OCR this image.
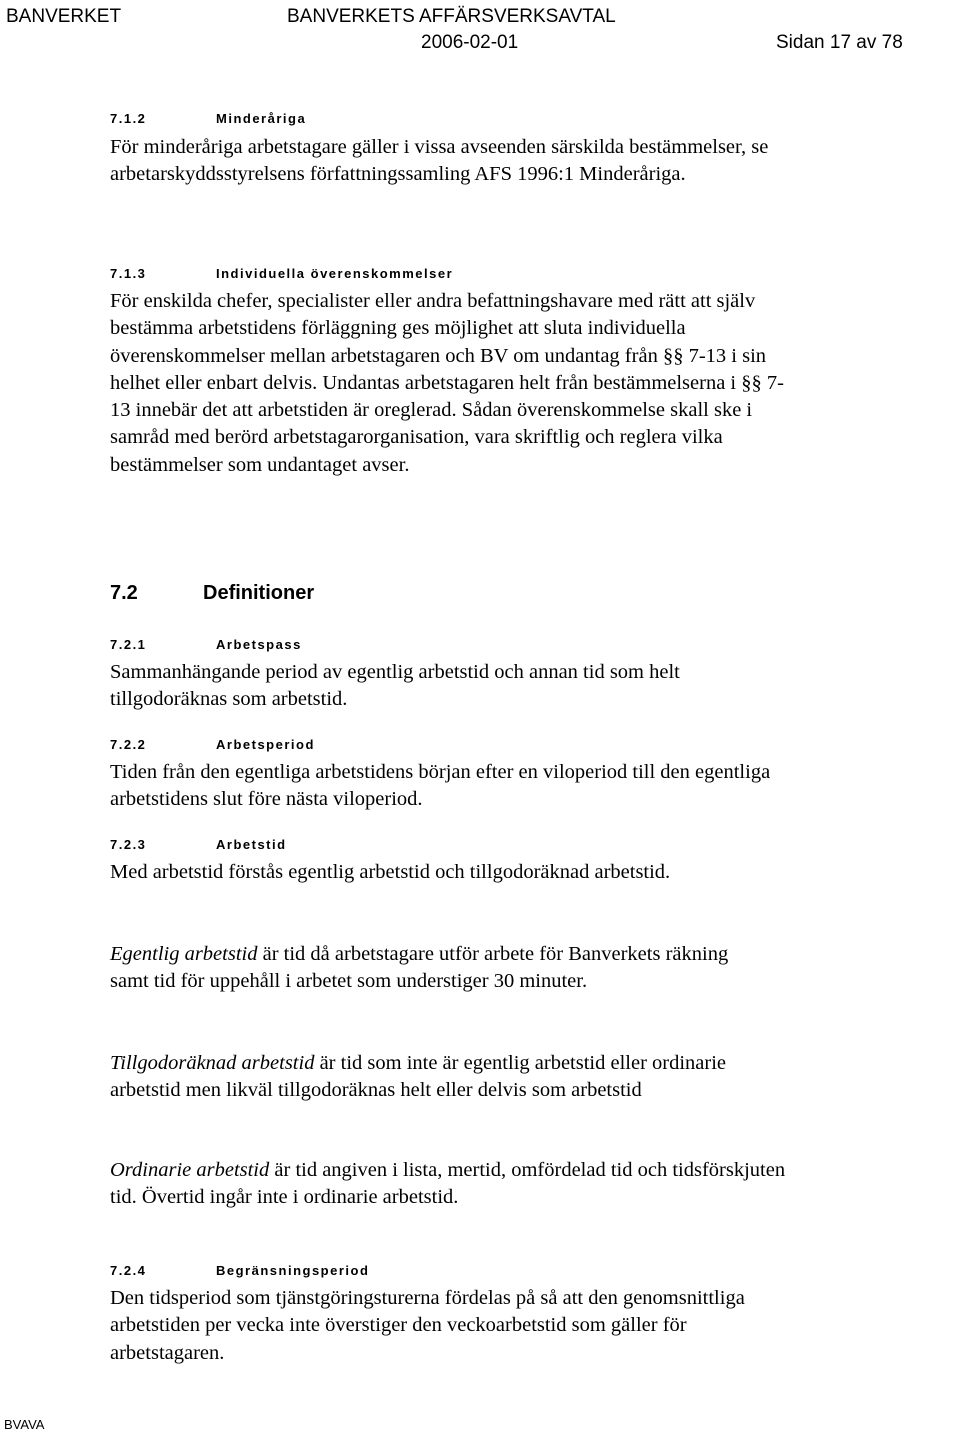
BANVERKET	BANVERKETS AFFÄRSVERKSAVTAL
2006-02-01	Sidan 17 av 78
7.1.2	Minderåriga

För minderåriga arbetstagare gäller i vissa avseenden särskilda bestämmelser, se arbetarskyddsstyrelsens författningssamling AFS 1996:1 Minderåriga.

7.1.3	Individuella överenskommelser

För enskilda chefer, specialister eller andra befattningshavare med rätt att själv bestämma arbetstidens förläggning ges möjlighet att sluta individuella överenskommelser mellan arbetstagaren och BV om undantag från §§ 7-13 i sin helhet eller enbart delvis. Undantas arbetstagaren helt från bestämmelserna i §§ 7-13 innebär det att arbetstiden är oreglerad. Sådan överenskommelse skall ske i samråd med berörd arbetstagarorganisation, vara skriftlig och reglera vilka bestämmelser som undantaget avser.

7.2	Definitioner
7.2.1	Arbetspass

Sammanhängande period av egentlig arbetstid och annan tid som helt tillgodoräknas som arbetstid.

7.2.2	Arbetsperiod

Tiden från den egentliga arbetstidens början efter en viloperiod till den egentliga arbetstidens slut före nästa viloperiod.

7.2.3	Arbetstid

Med arbetstid förstås egentlig arbetstid och tillgodoräknad arbetstid.

Egentlig arbetstid är tid då arbetstagare utför arbete för Banverkets räkning samt tid för uppehåll i arbetet som understiger 30 minuter.

Tillgodoräknad arbetstid är tid som inte är egentlig arbetstid eller ordinarie arbetstid men likväl tillgodoräknas helt eller delvis som arbetstid

Ordinarie arbetstid är tid angiven i lista, mertid, omfördelad tid och tidsförskjuten tid. Övertid ingår inte i ordinarie arbetstid.

7.2.4	Begränsningsperiod

Den tidsperiod som tjänstgöringsturerna fördelas på så att den genomsnittliga arbetstiden per vecka inte överstiger den veckoarbetstid som gäller för arbetstagaren.

BVAVA
